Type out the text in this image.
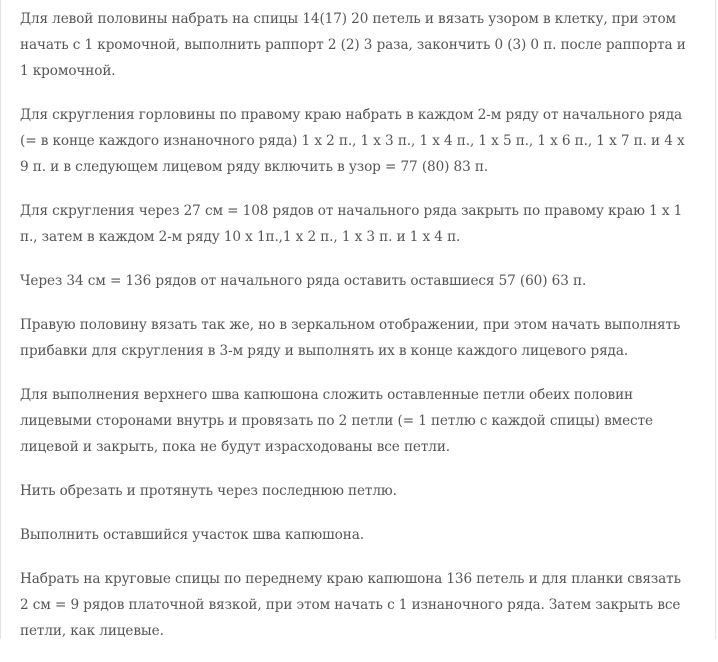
Для левой половины набрать на спицы 14(17) 20 петель и вязать узором в клетку, при этом начать с 1 кромочной, выполнить раппорт 2 (2) 3 раза, закончить 0 (3) 0 п. после раппорта и 1 кромочной.

Для скругления горловины по правому краю набрать в каждом 2-м ряду от начального ряда (= в конце каждого изнаночного ряда) 1 х 2 п., 1 х 3 п., 1 х 4 п., 1 х 5 п., 1 х 6 п., 1 х 7 п. и 4 х 9 п. и в следующем лицевом ряду включить в узор = 77 (80) 83 п.

Для скругления через 27 см = 108 рядов от начального ряда закрыть по правому краю 1 х 1 п., затем в каждом 2-м ряду 10 х 1п.,1 х 2 п., 1 х 3 п. и 1 х 4 п.

Через 34 см = 136 рядов от начального ряда оставить оставшиеся 57 (60) 63 п.

Правую половину вязать так же, но в зеркальном отображении, при этом начать выполнять прибавки для скругления в 3-м ряду и выполнять их в конце каждого лицевого ряда.

Для выполнения верхнего шва капюшона сложить оставленные петли обеих половин лицевыми сторонами внутрь и провязать по 2 петли (= 1 петлю с каждой спицы) вместе лицевой и закрыть, пока не будут израсходованы все петли.

Нить обрезать и протянуть через последнюю петлю.

Выполнить оставшийся участок шва капюшона.

Набрать на круговые спицы по переднему краю капюшона 136 петель и для планки связать 2 см = 9 рядов платочной вязкой, при этом начать с 1 изнаночного ряда. Затем закрыть все петли, как лицевые.
